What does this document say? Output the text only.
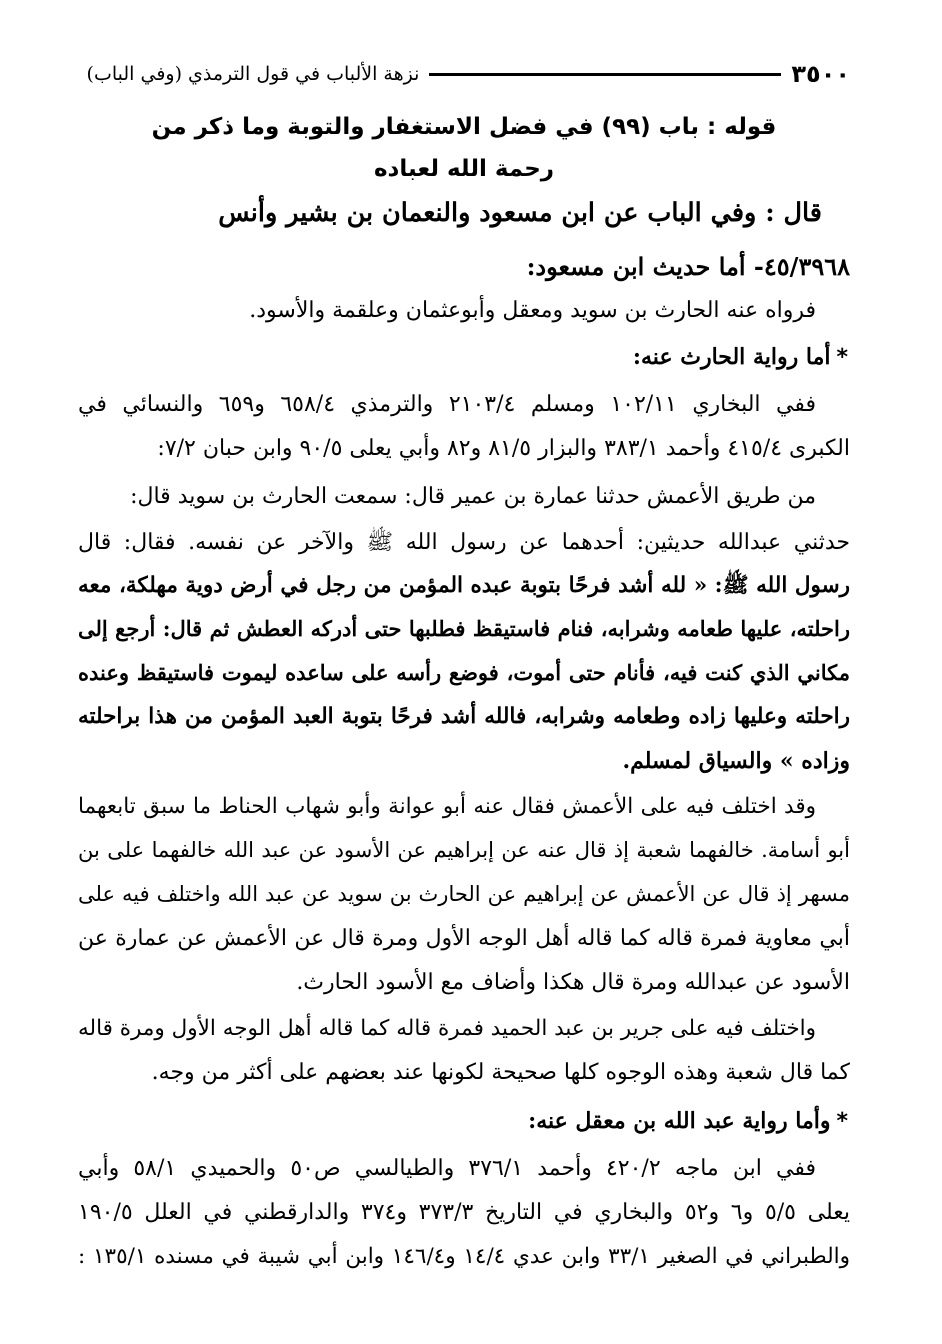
٣٥٠٠
نزهة الألباب في قول الترمذي (وفي الباب)
قوله : باب (٩٩) في فضل الاستغفار والتوبة وما ذكر من
رحمة الله لعباده
قال : وفي الباب عن ابن مسعود والنعمان بن بشير وأنس
٤٥/٣٩٦٨- أما حديث ابن مسعود:
فرواه عنه الحارث بن سويد ومعقل وأبوعثمان وعلقمة والأسود.
*أما رواية الحارث عنه:
ففي البخاري ١٠٢/١١ ومسلم ٢١٠٣/٤ والترمذي ٦٥٨/٤ و٦٥٩ والنسائي في
الكبرى ٤١٥/٤ وأحمد ٣٨٣/١ والبزار ٨١/٥ و٨٢ وأبي يعلى ٩٠/٥ وابن حبان ٧/٢:
من طريق الأعمش حدثنا عمارة بن عمير قال: سمعت الحارث بن سويد قال:
حدثني عبدالله حديثين: أحدهما عن رسول الله ﷺ والآخر عن نفسه. فقال: قال
رسول الله ﷺ: « لله أشد فرحًا بتوبة عبده المؤمن من رجل في أرض دوية مهلكة، معه
راحلته، عليها طعامه وشرابه، فنام فاستيقظ فطلبها حتى أدركه العطش ثم قال: أرجع إلى
مكاني الذي كنت فيه، فأنام حتى أموت، فوضع رأسه على ساعده ليموت فاستيقظ وعنده
راحلته وعليها زاده وطعامه وشرابه، فالله أشد فرحًا بتوبة العبد المؤمن من هذا براحلته
وزاده » والسياق لمسلم.
وقد اختلف فيه على الأعمش فقال عنه أبو عوانة وأبو شهاب الحناط ما سبق تابعهما
أبو أسامة. خالفهما شعبة إذ قال عنه عن إبراهيم عن الأسود عن عبد الله خالفهما على بن
مسهر إذ قال عن الأعمش عن إبراهيم عن الحارث بن سويد عن عبد الله واختلف فيه على
أبي معاوية فمرة قاله كما قاله أهل الوجه الأول ومرة قال عن الأعمش عن عمارة عن
الأسود عن عبدالله ومرة قال هكذا وأضاف مع الأسود الحارث.
واختلف فيه على جرير بن عبد الحميد فمرة قاله كما قاله أهل الوجه الأول ومرة قاله
كما قال شعبة وهذه الوجوه كلها صحيحة لكونها عند بعضهم على أكثر من وجه.
*وأما رواية عبد الله بن معقل عنه:
ففي ابن ماجه ٤٢٠/٢ وأحمد ٣٧٦/١ والطيالسي ص٥٠ والحميدي ٥٨/١ وأبي
يعلى ٥/٥ و٦ و٥٢ والبخاري في التاريخ ٣٧٣/٣ و٣٧٤ والدارقطني في العلل ١٩٠/٥
والطبراني في الصغير ٣٣/١ وابن عدي ١٤/٤ و١٤٦/٤ وابن أبي شيبة في مسنده ١٣٥/١ :
